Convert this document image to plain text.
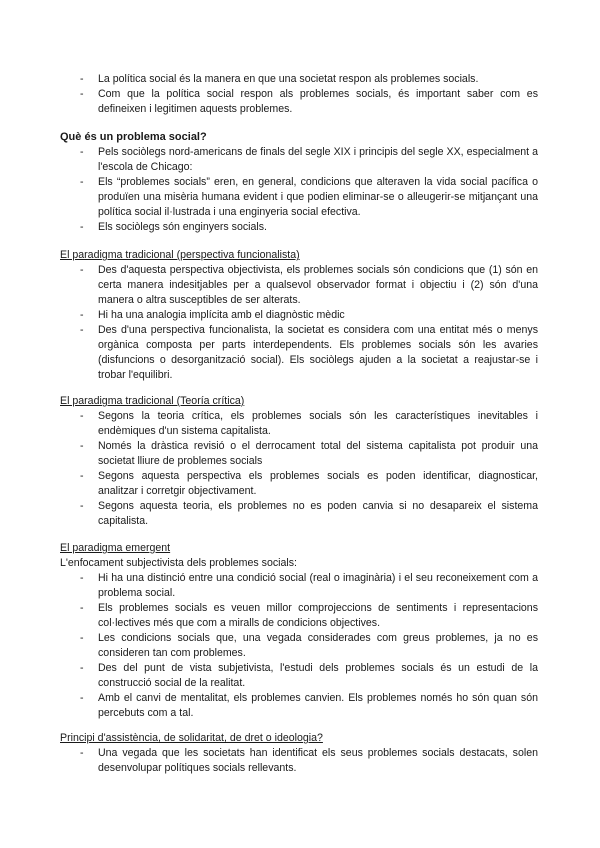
- La política social és la manera en que una societat respon als problemes socials.
- Com que la política social respon als problemes socials, és important saber com es defineixen i legitimen aquests problemes.

Què és un problema social?

- Pels sociòlegs nord-americans de finals del segle XIX i principis del segle XX, especialment a l'escola de Chicago:
- Els “problemes socials” eren, en general, condicions que alteraven la vida social pacífica o produïen una misèria humana evident i que podien eliminar-se o alleugerir-se mitjançant una política social il·lustrada i una enginyeria social efectiva.
- Els sociòlegs són enginyers socials.

El paradigma tradicional (perspectiva funcionalista)

- Des d'aquesta perspectiva objectivista, els problemes socials són condicions que (1) són en certa manera indesitjables per a qualsevol observador format i objectiu i (2) són d'una manera o altra susceptibles de ser alterats.
- Hi ha una analogia implícita amb el diagnòstic mèdic
- Des d'una perspectiva funcionalista, la societat es considera com una entitat més o menys orgànica composta per parts interdependents. Els problemes socials són les avaries (disfuncions o desorganització social). Els sociòlegs ajuden a la societat a reajustar-se i trobar l'equilibri.

El paradigma tradicional (Teoría crítica)

- Segons la teoria crítica, els problemes socials són les característiques inevitables i endèmiques d'un sistema capitalista.
- Només la dràstica revisió o el derrocament total del sistema capitalista pot produir una societat lliure de problemes socials
- Segons aquesta perspectiva els problemes socials es poden identificar, diagnosticar, analitzar i corretgir objectivament.
- Segons aquesta teoria, els problemes no es poden canvia si no desapareix el sistema capitalista.

El paradigma emergent

L'enfocament subjectivista dels problemes socials:

- Hi ha una distinció entre una condició social (real o imaginària) i el seu reconeixement com a problema social.
- Els problemes socials es veuen millor comprojeccions de sentiments i representacions col·lectives més que com a miralls de condicions objectives.
- Les condicions socials que, una vegada considerades com greus problemes, ja no es consideren tan com problemes.
- Des del punt de vista subjetivista, l'estudi dels problemes socials és un estudi de la construcció social de la realitat.
- Amb el canvi de mentalitat, els problemes canvien. Els problemes només ho són quan són percebuts com a tal.

Principi d'assistència, de solidaritat, de dret o ideologia?

- Una vegada que les societats han identificat els seus problemes socials destacats, solen desenvolupar polítiques socials rellevants.
